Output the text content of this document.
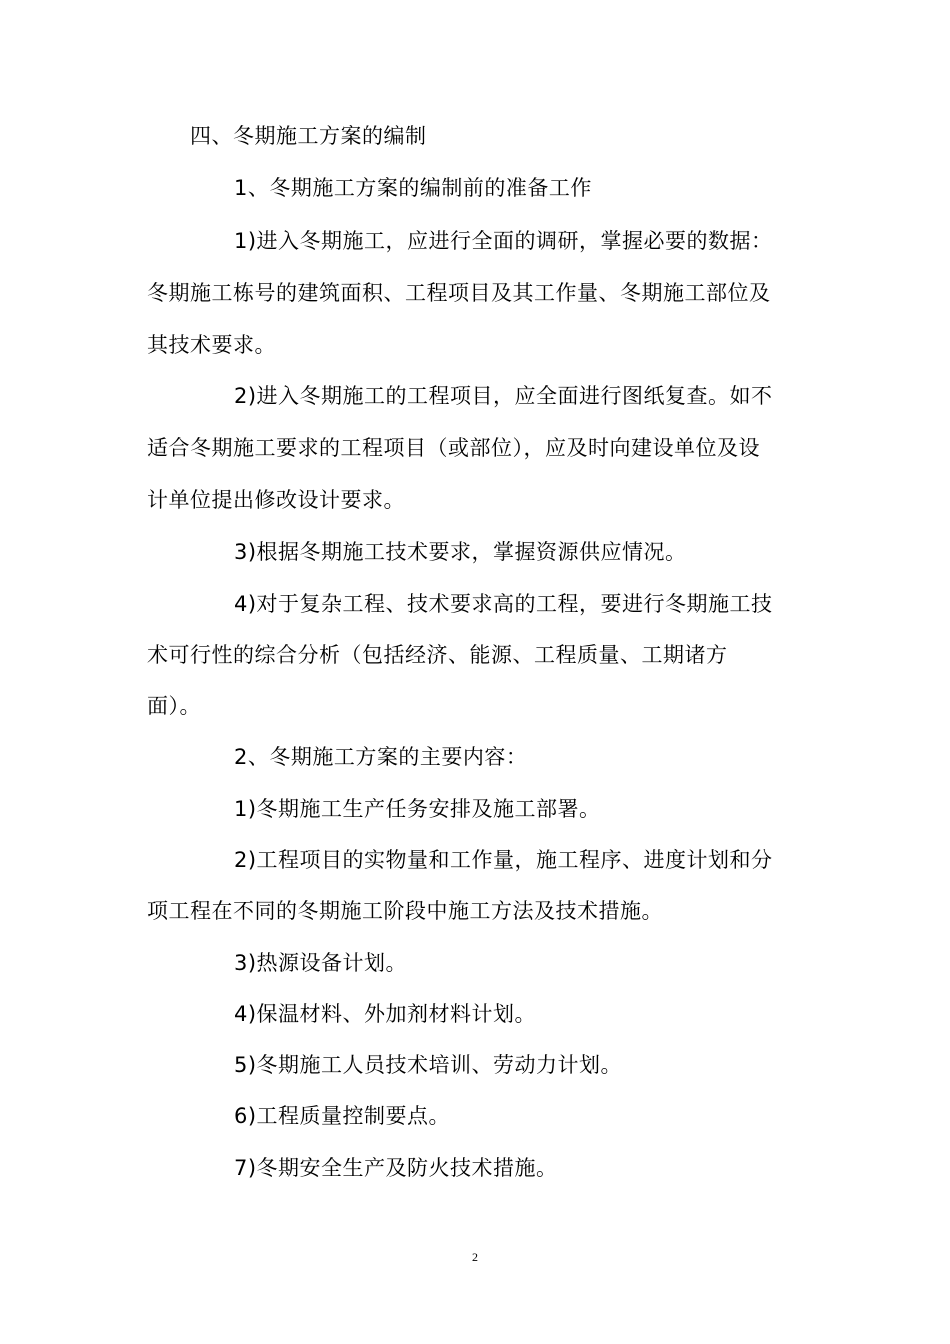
四、冬期施工方案的编制
1、冬期施工方案的编制前的准备工作
1)进入冬期施工，应进行全面的调研，掌握必要的数据：
冬期施工栋号的建筑面积、工程项目及其工作量、冬期施工部位及
其技术要求。
2)进入冬期施工的工程项目，应全面进行图纸复查。如不
适合冬期施工要求的工程项目（或部位），应及时向建设单位及设
计单位提出修改设计要求。
3)根据冬期施工技术要求，掌握资源供应情况。
4)对于复杂工程、技术要求高的工程，要进行冬期施工技
术可行性的综合分析（包括经济、能源、工程质量、工期诸方
面）。
2、冬期施工方案的主要内容：
1)冬期施工生产任务安排及施工部署。
2)工程项目的实物量和工作量，施工程序、进度计划和分
项工程在不同的冬期施工阶段中施工方法及技术措施。
3)热源设备计划。
4)保温材料、外加剂材料计划。
5)冬期施工人员技术培训、劳动力计划。
6)工程质量控制要点。
7)冬期安全生产及防火技术措施。
2
